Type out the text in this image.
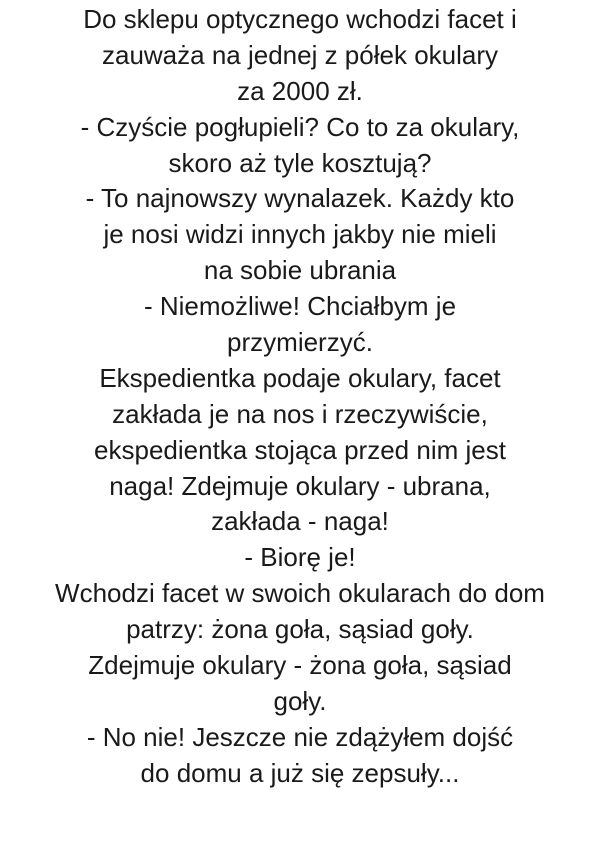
Do sklepu optycznego wchodzi facet i
zauważa na jednej z półek okulary
za 2000 zł.
- Czyście pogłupieli? Co to za okulary,
skoro aż tyle kosztują?
- To najnowszy wynalazek. Każdy kto
je nosi widzi innych jakby nie mieli
na sobie ubrania
- Niemożliwe! Chciałbym je
przymierzyć.
Ekspedientka podaje okulary, facet
zakłada je na nos i rzeczywiście,
ekspedientka stojąca przed nim jest
naga! Zdejmuje okulary - ubrana,
zakłada - naga!
- Biorę je!
Wchodzi facet w swoich okularach do dom
patrzy: żona goła, sąsiad goły.
Zdejmuje okulary - żona goła, sąsiad
goły.
- No nie! Jeszcze nie zdążyłem dojść
do domu a już się zepsuły...
